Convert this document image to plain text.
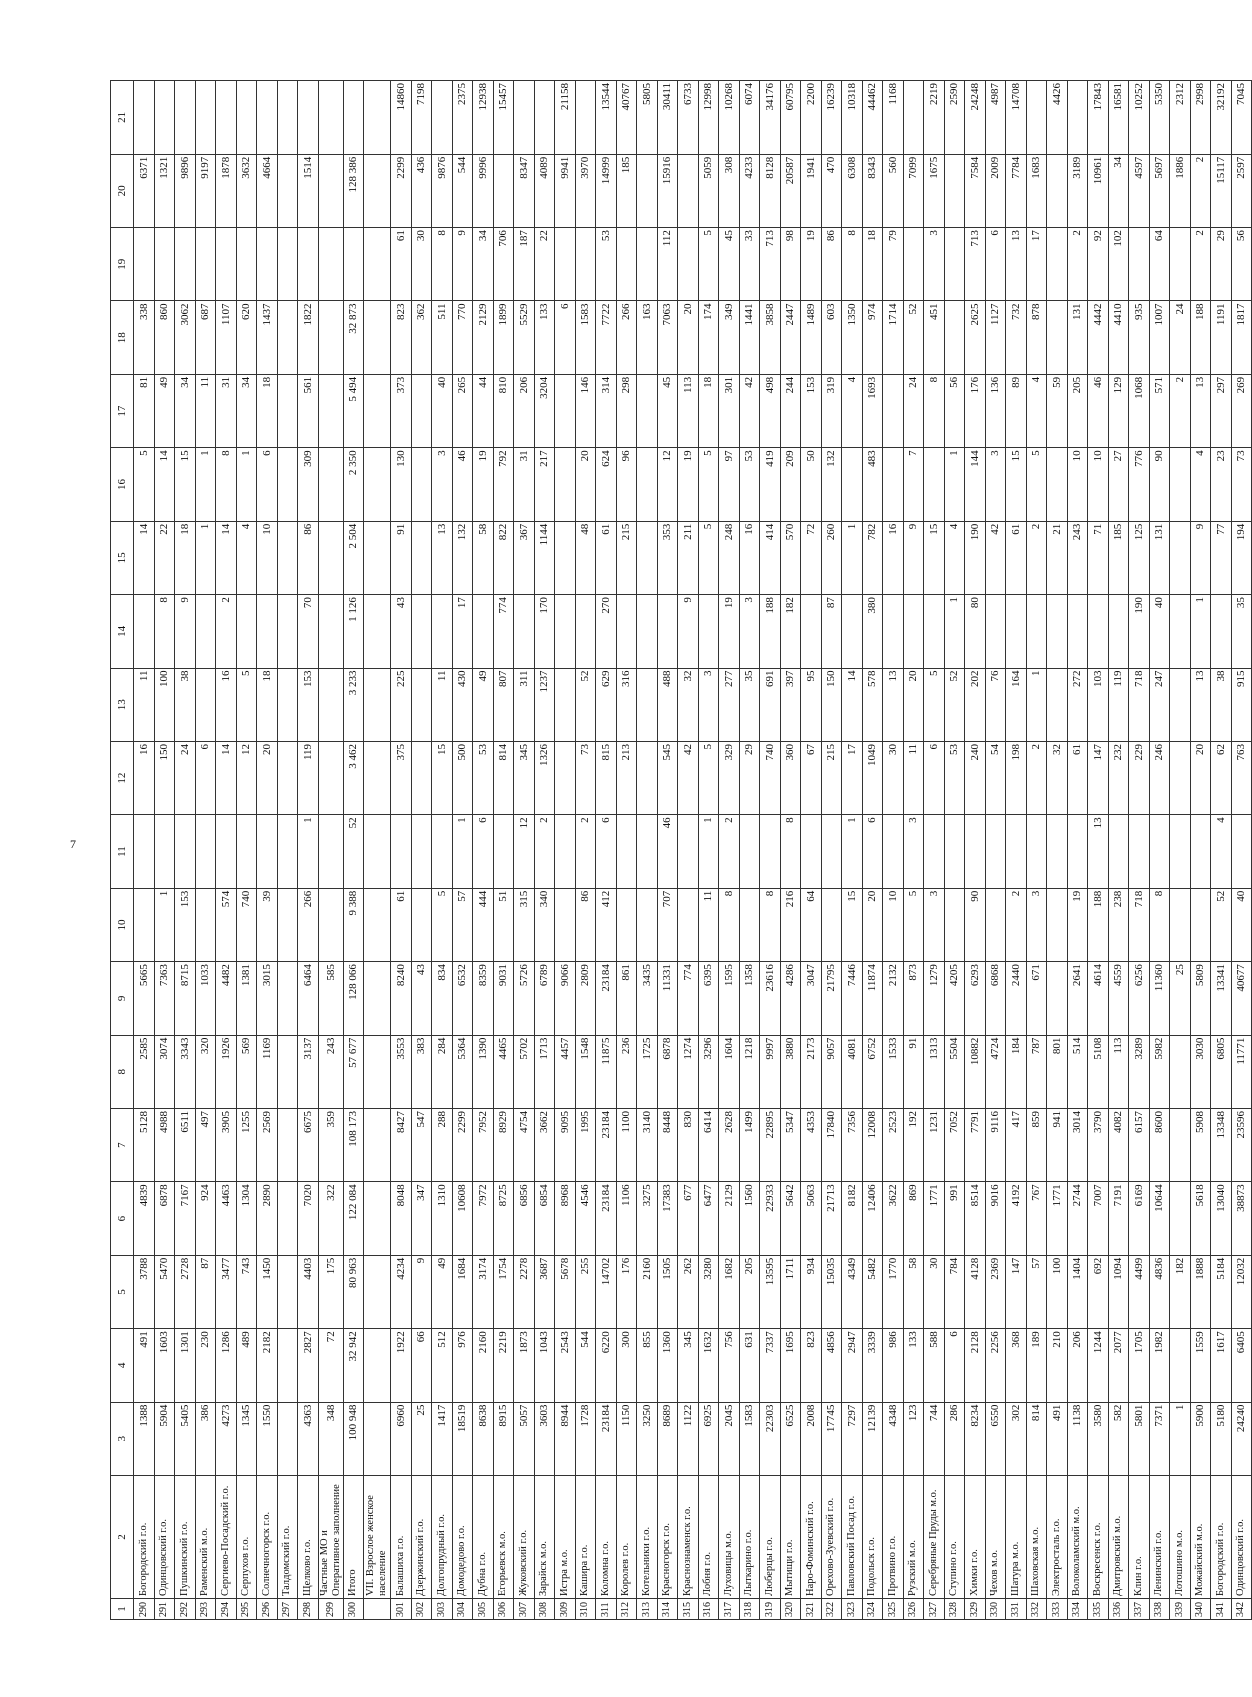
7
1	2	3	4	5	6	7	8	9	10	11	12	13	14	15	16	17	18	19	20	21
290	Богородский г.о.	1388	491	3788	4839	5128	2585	5665			16	11		14	5	81	338		6371	
291	Одинцовский г.о.	5904	1603	5470	6878	4988	3074	7363	1		150	100	8	22	14	49	860		1321	
292	Пушкинский г.о.	5405	1301	2728	7167	6511	3343	8715	153		24	38	9	18	15	34	3062		9896	
293	Раменский м.о.	386	230	87	924	497	320	1033			6			1	1	11	687		9197	
294	Сергиево-Посадский г.о.	4273	1286	3477	4463	3905	1926	4482	574		14	16	2	14	8	31	1107		1878	
295	Серпухов г.о.	1345	489	743	1304	1255	569	1381	740		12	5		4	1	34	620		3632	
296	Солнечногорск г.о.	1550	2182	1450	2890	2569	1169	3015	39		20	18		10	6	18	1437		4664	
297	Талдомский г.о.																			
298	Щелково г.о.	4363	2827	4403	7020	6675	3137	6464	266	1	119	153	70	86	309	561	1822		1514	
299	Частные МО и Оперативное заполнение	348	72	175	322	359	243	585												
300	Итого	100 948	32 942	80 963	122 084	108 173	57 677	128 066	9 388	52	3 462	3 233	1 126	2 504	2 350	5 494	32 873		128 386	
	VII. Взрослое женское население																			
301	Балашиха г.о.	6960	1922	4234	8048	8427	3553	8240	61		375	225	43	91	130	373	823	61	2299	14860
302	Дзержинский г.о.	25	66	9	347	547	383	43									362	30	436	7198
303	Долгопрудный г.о.	1417	512	49	1310	288	284	834	5		15	11		13	3	40	511	8	9876	
304	Домодедово г.о.	18519	976	1684	10608	2299	5364	6532	57	1	500	430	17	132	46	265	770	9	544	2375
305	Дубна г.о.	8638	2160	3174	7972	7952	1390	8359	444	6	53	49		58	19	44	2129	34	9996	12938
306	Егорьевск м.о.	8915	2219	1754	8725	8929	4465	9031	51		814	807	774	822	792	810	1899	706		15457
307	Жуковский г.о.	5057	1873	2278	6856	4754	5702	5726	315	12	345	311		367	31	206	5529	187	8347	
308	Зарайск м.о.	3603	1043	3687	6854	3662	1713	6789	340	2	1326	1237	170	1144	217	3204	133	22	4089	
309	Истра м.о.	8944	2543	5678	8968	9095	4457	9066									6		9941	21158
310	Кашира г.о.	1728	544	255	4546	1995	1548	2809	86	2	73	52		48	20	146	1583		3970	
311	Коломна г.о.	23184	6220	14702	23184	23184	11875	23184	412	6	815	629	270	61	624	314	7722	53	14999	13544
312	Королев г.о.	1150	300	176	1106	1100	236	861			213	316		215	96	298	266		185	40767
313	Котельники г.о.	3250	855	2160	3275	3140	1725	3435									163			5805
314	Красногорск г.о.	8689	1360	1505	17383	8448	6878	11331	707	46	545	488		353	12	45	7063	112	15916	30411
315	Краснознаменск г.о.	1122	345	262	677	830	1274	774			42	32	9	211	19	113	20			6733
316	Лобня г.о.	6925	1632	3280	6477	6414	3296	6395	11	1	5	3		5	5	18	174	5	5059	12998
317	Луховицы м.о.	2045	756	1682	2129	2628	1604	1595	8	2	329	277	19	248	97	301	349	45	308	10268
318	Лыткарино г.о.	1583	631	205	1560	1499	1218	1358			29	35	3	16	53	42	1441	33	4233	6074
319	Люберцы г.о.	22303	7337	13595	22933	22895	9997	23616	8		740	691	188	414	419	498	3858	713	8128	34176
320	Мытищи г.о.	6525	1695	1711	5642	5347	3880	4286	216	8	360	397	182	570	209	244	2447	98	20587	60795
321	Наро-Фоминский г.о.	2008	823	934	5063	4353	2173	3047	64		67	95		72	50	153	1489	19	1941	2200
322	Орехово-Зуевский г.о.	17745	4856	15035	21713	17840	9057	21795			215	150	87	260	132	319	603	86	470	16239
323	Павловский Посад г.о.	7297	2947	4349	8182	7356	4081	7446	15	1	17	14		1		4	1350	8	6308	10318
324	Подольск г.о.	12139	3339	5482	12406	12008	6752	11874	20	6	1049	578	380	782	483	1693	974	18	8343	44462
325	Протвино г.о.	4348	986	1770	3622	2523	1533	2132	10		30	13		16			1714	79	560	1168
326	Рузский м.о.	123	133	58	869	192	91	873	5	3	11	20		9	7	24	52		7099	
327	Серебряные Пруды м.о.	744	588	30	1771	1231	1313	1279	3		6	5		15		8	451	3	1675	2219
328	Ступино г.о.	286	6	784	991	7052	5504	4205			53	52	1	4	1	56				2590
329	Химки г.о.	8234	2128	4128	8514	7791	10882	6293	90		240	202	80	190	144	176	2625	713	7584	24248
330	Чехов м.о.	6550	2256	2369	9016	9116	4724	6868			54	76		42	3	136	1127	6	2009	4987
331	Шатура м.о.	302	368	147	4192	417	184	2440	2		198	164		61	15	89	732	13	7784	14708
332	Шаховская м.о.	814	189	57	767	859	787	671	3		2	1		2	5	4	878	17	1683	
333	Электросталь г.о.	491	210	100	1771	941	801				32			21		59				4426
334	Волоколамский м.о.	1138	206	1404	2744	3014	514	2641	19		61	272		243	10	205	131	2	3189	
335	Воскресенск г.о.	3580	1244	692	7007	3790	5108	4614	188	13	147	103		71	10	46	4442	92	10961	17843
336	Дмитровский м.о.	582	2077	1094	7191	4082	113	4559	238		232	119		185	27	129	4410	102	34	16581
337	Клин г.о.	5801	1705	4499	6169	6157	3289	6256	718		229	718	190	125	776	1068	935		4597	10252
338	Ленинский г.о.	7371	1982	4836	10644	8600	5982	11360	8		246	247	40	131	90	571	1007	64	5697	5350
339	Лотошино м.о.	1		182				25								2	24		1886	2312
340	Можайский м.о.	5900	1559	1888	5618	5908	3030	5809			20	13	1	9	4	13	188	2	2	2998
341	Богородский г.о.	5180	1617	5184	13040	13348	6805	13341	52	4	62	38		77	23	297	1191	29	15117	32192
342	Одинцовский г.о.	24240	6405	12032	38873	23596	11771	40677	40		763	915	35	194	73	269	1817	56	2597	7045
